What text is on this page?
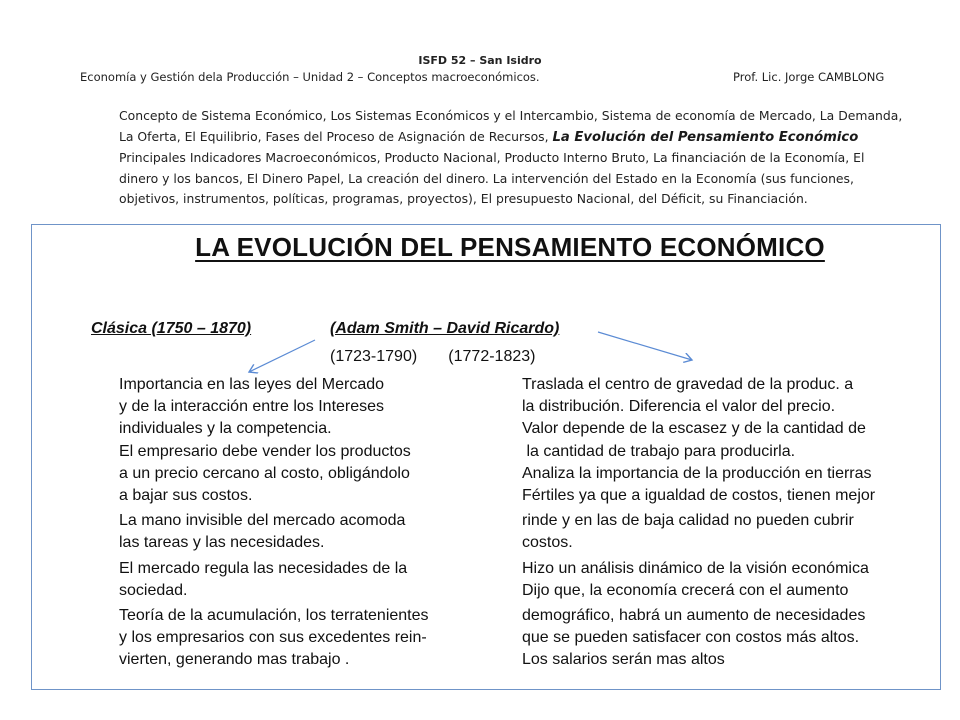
ISFD 52 – San Isidro
Economía y Gestión dela Producción – Unidad 2 – Conceptos macroeconómicos.	Prof. Lic. Jorge CAMBLONG
Concepto de Sistema Económico, Los Sistemas Económicos y el Intercambio, Sistema de economía de Mercado, La Demanda,
La Oferta, El Equilibrio, Fases del Proceso de Asignación de Recursos, La Evolución del Pensamiento Económico
Principales Indicadores Macroeconómicos, Producto Nacional, Producto Interno Bruto, La financiación de la Economía, El
dinero y los bancos, El Dinero Papel, La creación del dinero. La intervención del Estado en la Economía (sus funciones,
objetivos, instrumentos, políticas, programas, proyectos), El presupuesto Nacional, del Déficit, su Financiación.
LA EVOLUCIÓN DEL PENSAMIENTO ECONÓMICO
Clásica (1750 – 1870)	(Adam Smith – David Ricardo)
(1723-1790)       (1772-1823)
Importancia en las leyes del Mercado
y de la interacción entre los Intereses
individuales y la competencia.
El empresario debe vender los productos
a un precio cercano al costo, obligándolo
a bajar sus costos.
La mano invisible del mercado acomoda
las tareas y las necesidades.
El mercado regula las necesidades de la
sociedad.
Teoría de la acumulación, los terratenientes
y los empresarios con sus excedentes rein-
vierten, generando mas trabajo .
Traslada el centro de gravedad de la produc. a
la distribución. Diferencia el valor del precio.
Valor depende de la escasez y de la cantidad de
la cantidad de trabajo para producirla.
Analiza la importancia de la producción en tierras
Fértiles ya que a igualdad de costos, tienen mejor
rinde y en las de baja calidad no pueden cubrir
costos.
Hizo un análisis dinámico de la visión económica
Dijo que, la economía crecerá con el aumento
demográfico, habrá un aumento de necesidades
que se pueden satisfacer con costos más altos.
Los salarios serán mas altos
